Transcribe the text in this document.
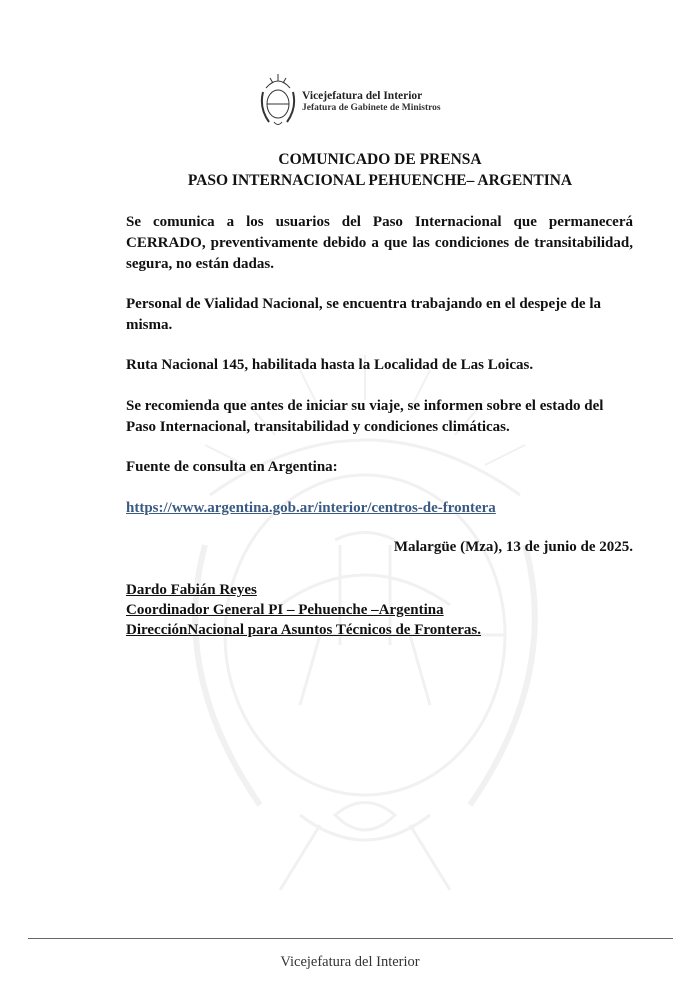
Vicejefatura del Interior
Jefatura de Gabinete de Ministros
COMUNICADO DE PRENSA
PASO INTERNACIONAL PEHUENCHE– ARGENTINA
Se comunica a los usuarios del Paso Internacional que permanecerá CERRADO, preventivamente debido a que las condiciones de transitabilidad, segura, no están dadas.
Personal de Vialidad Nacional, se encuentra trabajando en el despeje de la misma.
Ruta Nacional 145, habilitada hasta la Localidad de Las Loicas.
Se recomienda que antes de iniciar su viaje, se informen sobre el estado del Paso Internacional, transitabilidad y condiciones climáticas.
Fuente de consulta en Argentina:
https://www.argentina.gob.ar/interior/centros-de-frontera
Malargüe (Mza), 13 de junio de 2025.
Dardo Fabián Reyes
Coordinador General PI – Pehuenche –Argentina
DirecciónNacional para Asuntos Técnicos de Fronteras.
Vicejefatura del Interior
